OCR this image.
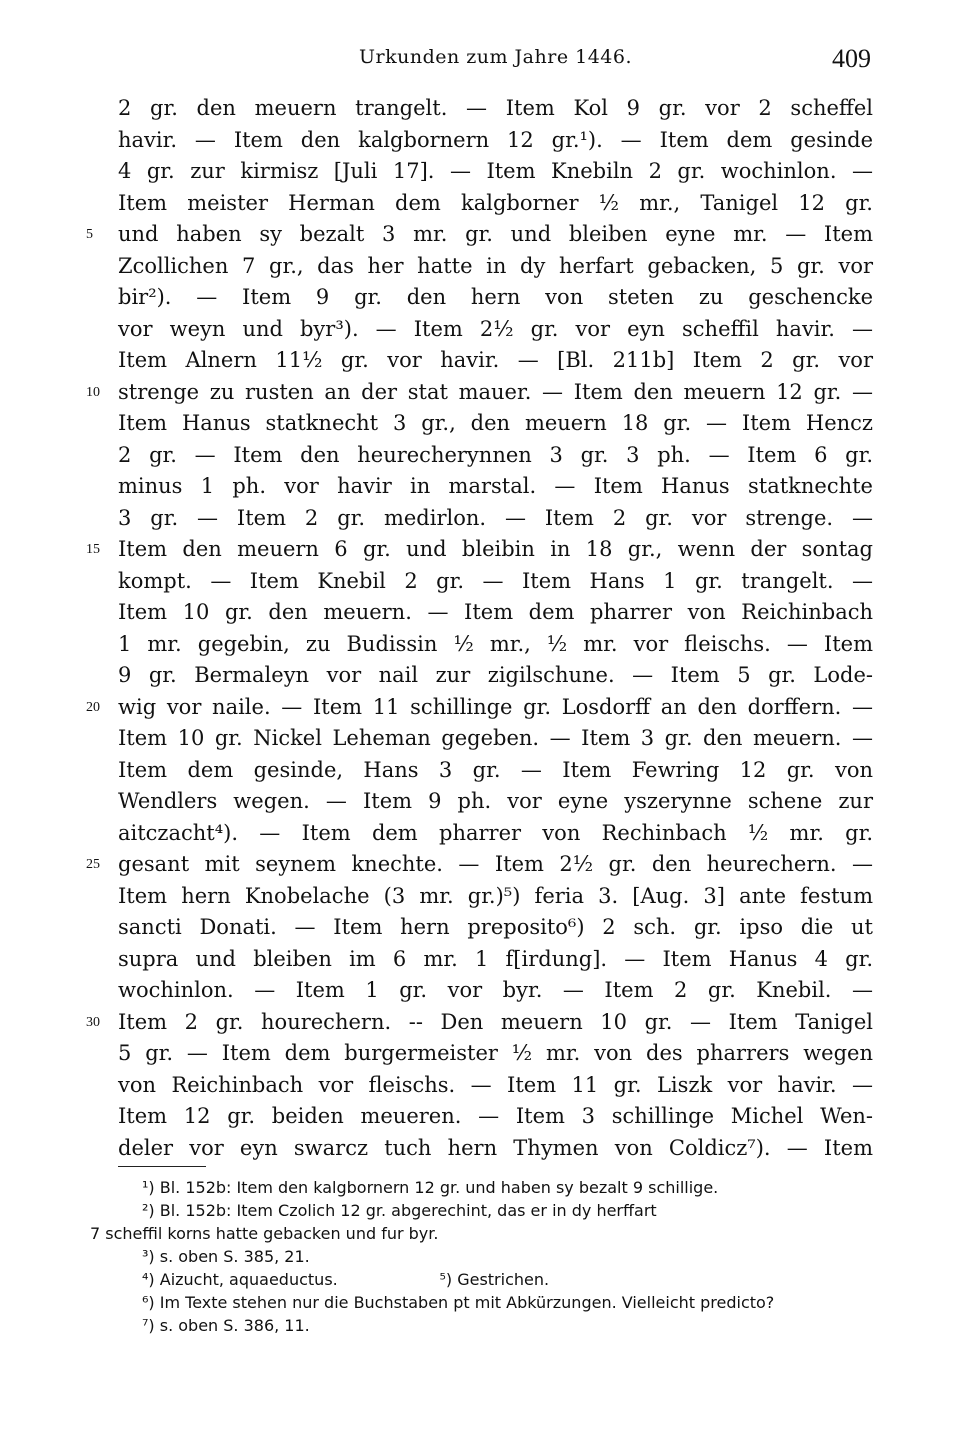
Urkunden zum Jahre 1446.	409
2 gr. den meuern trangelt. — Item Kol 9 gr. vor 2 scheffel
havir. — Item den kalgbornern 12 gr.¹). — Item dem gesinde
4 gr. zur kirmisz [Juli 17]. — Item Knebiln 2 gr. wochinlon. —
Item meister Herman dem kalgborner ½ mr., Tanigel 12 gr.
und haben sy bezalt 3 mr. gr. und bleiben eyne mr. — Item
5
Zcollichen 7 gr., das her hatte in dy herfart gebacken, 5 gr. vor
bir²). — Item 9 gr. den hern von steten zu geschencke
vor weyn und byr³). — Item 2½ gr. vor eyn scheffil havir. —
Item Alnern 11½ gr. vor havir. — [Bl. 211b] Item 2 gr. vor
strenge zu rusten an der stat mauer. — Item den meuern 12 gr. —
10
Item Hanus statknecht 3 gr., den meuern 18 gr. — Item Hencz
2 gr. — Item den heurecherynnen 3 gr. 3 ph. — Item 6 gr.
minus 1 ph. vor havir in marstal. — Item Hanus statknechte
3 gr. — Item 2 gr. medirlon. — Item 2 gr. vor strenge. —
Item den meuern 6 gr. und bleibin in 18 gr., wenn der sontag
15
kompt. — Item Knebil 2 gr. — Item Hans 1 gr. trangelt. —
Item 10 gr. den meuern. — Item dem pharrer von Reichinbach
1 mr. gegebin, zu Budissin ½ mr., ½ mr. vor fleischs. — Item
9 gr. Bermaleyn vor nail zur zigilschune. — Item 5 gr. Lode-
wig vor naile. — Item 11 schillinge gr. Losdorff an den dorffern. —
20
Item 10 gr. Nickel Leheman gegeben. — Item 3 gr. den meuern. —
Item dem gesinde, Hans 3 gr. — Item Fewring 12 gr. von
Wendlers wegen. — Item 9 ph. vor eyne yszerynne schene zur
aitczacht⁴). — Item dem pharrer von Rechinbach ½ mr. gr.
gesant mit seynem knechte. — Item 2½ gr. den heurechern. —
25
Item hern Knobelache (3 mr. gr.)⁵) feria 3. [Aug. 3] ante festum
sancti Donati. — Item hern preposito⁶) 2 sch. gr. ipso die ut
supra und bleiben im 6 mr. 1 f[irdung]. — Item Hanus 4 gr.
wochinlon. — Item 1 gr. vor byr. — Item 2 gr. Knebil. —
Item 2 gr. hourechern. -- Den meuern 10 gr. — Item Tanigel
30
5 gr. — Item dem burgermeister ½ mr. von des pharrers wegen
von Reichinbach vor fleischs. — Item 11 gr. Liszk vor havir. —
Item 12 gr. beiden meueren. — Item 3 schillinge Michel Wen-
deler vor eyn swarcz tuch hern Thymen von Coldicz⁷). — Item
¹) Bl. 152b: Item den kalgbornern 12 gr. und haben sy bezalt 9 schillige.
²) Bl. 152b: Item Czolich 12 gr. abgerechint, das er in dy herffart
7 scheffil korns hatte gebacken und fur byr.
³) s. oben S. 385, 21.
⁴) Aizucht, aquaeductus.                    ⁵) Gestrichen.
⁶) Im Texte stehen nur die Buchstaben pt mit Abkürzungen. Vielleicht predicto?
⁷) s. oben S. 386, 11.
